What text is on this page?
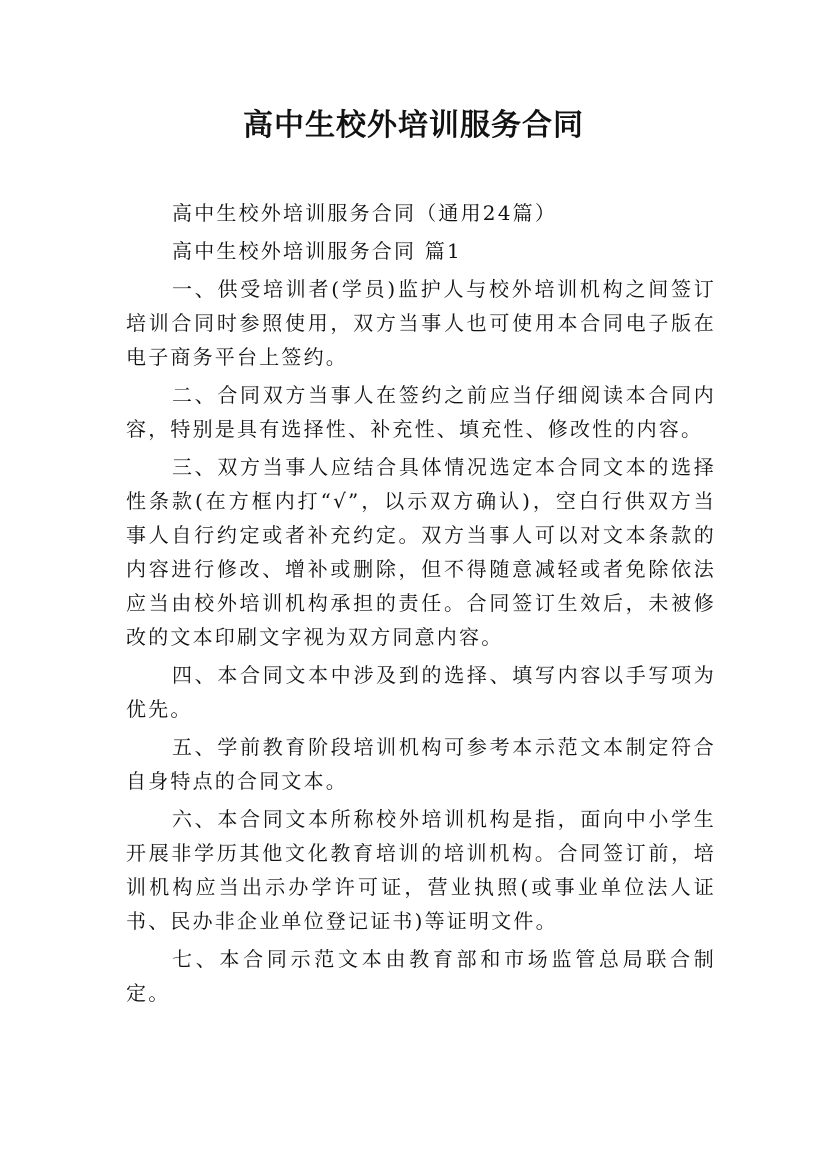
高中生校外培训服务合同

高中生校外培训服务合同（通用24篇）

高中生校外培训服务合同 篇1

一、供受培训者(学员)监护人与校外培训机构之间签订培训合同时参照使用，双方当事人也可使用本合同电子版在电子商务平台上签约。

二、合同双方当事人在签约之前应当仔细阅读本合同内容，特别是具有选择性、补充性、填充性、修改性的内容。

三、双方当事人应结合具体情况选定本合同文本的选择性条款(在方框内打“√”，以示双方确认)，空白行供双方当事人自行约定或者补充约定。双方当事人可以对文本条款的内容进行修改、增补或删除，但不得随意减轻或者免除依法应当由校外培训机构承担的责任。合同签订生效后，未被修改的文本印刷文字视为双方同意内容。

四、本合同文本中涉及到的选择、填写内容以手写项为优先。

五、学前教育阶段培训机构可参考本示范文本制定符合自身特点的合同文本。

六、本合同文本所称校外培训机构是指，面向中小学生开展非学历其他文化教育培训的培训机构。合同签订前，培训机构应当出示办学许可证，营业执照(或事业单位法人证书、民办非企业单位登记证书)等证明文件。

七、本合同示范文本由教育部和市场监管总局联合制定。
